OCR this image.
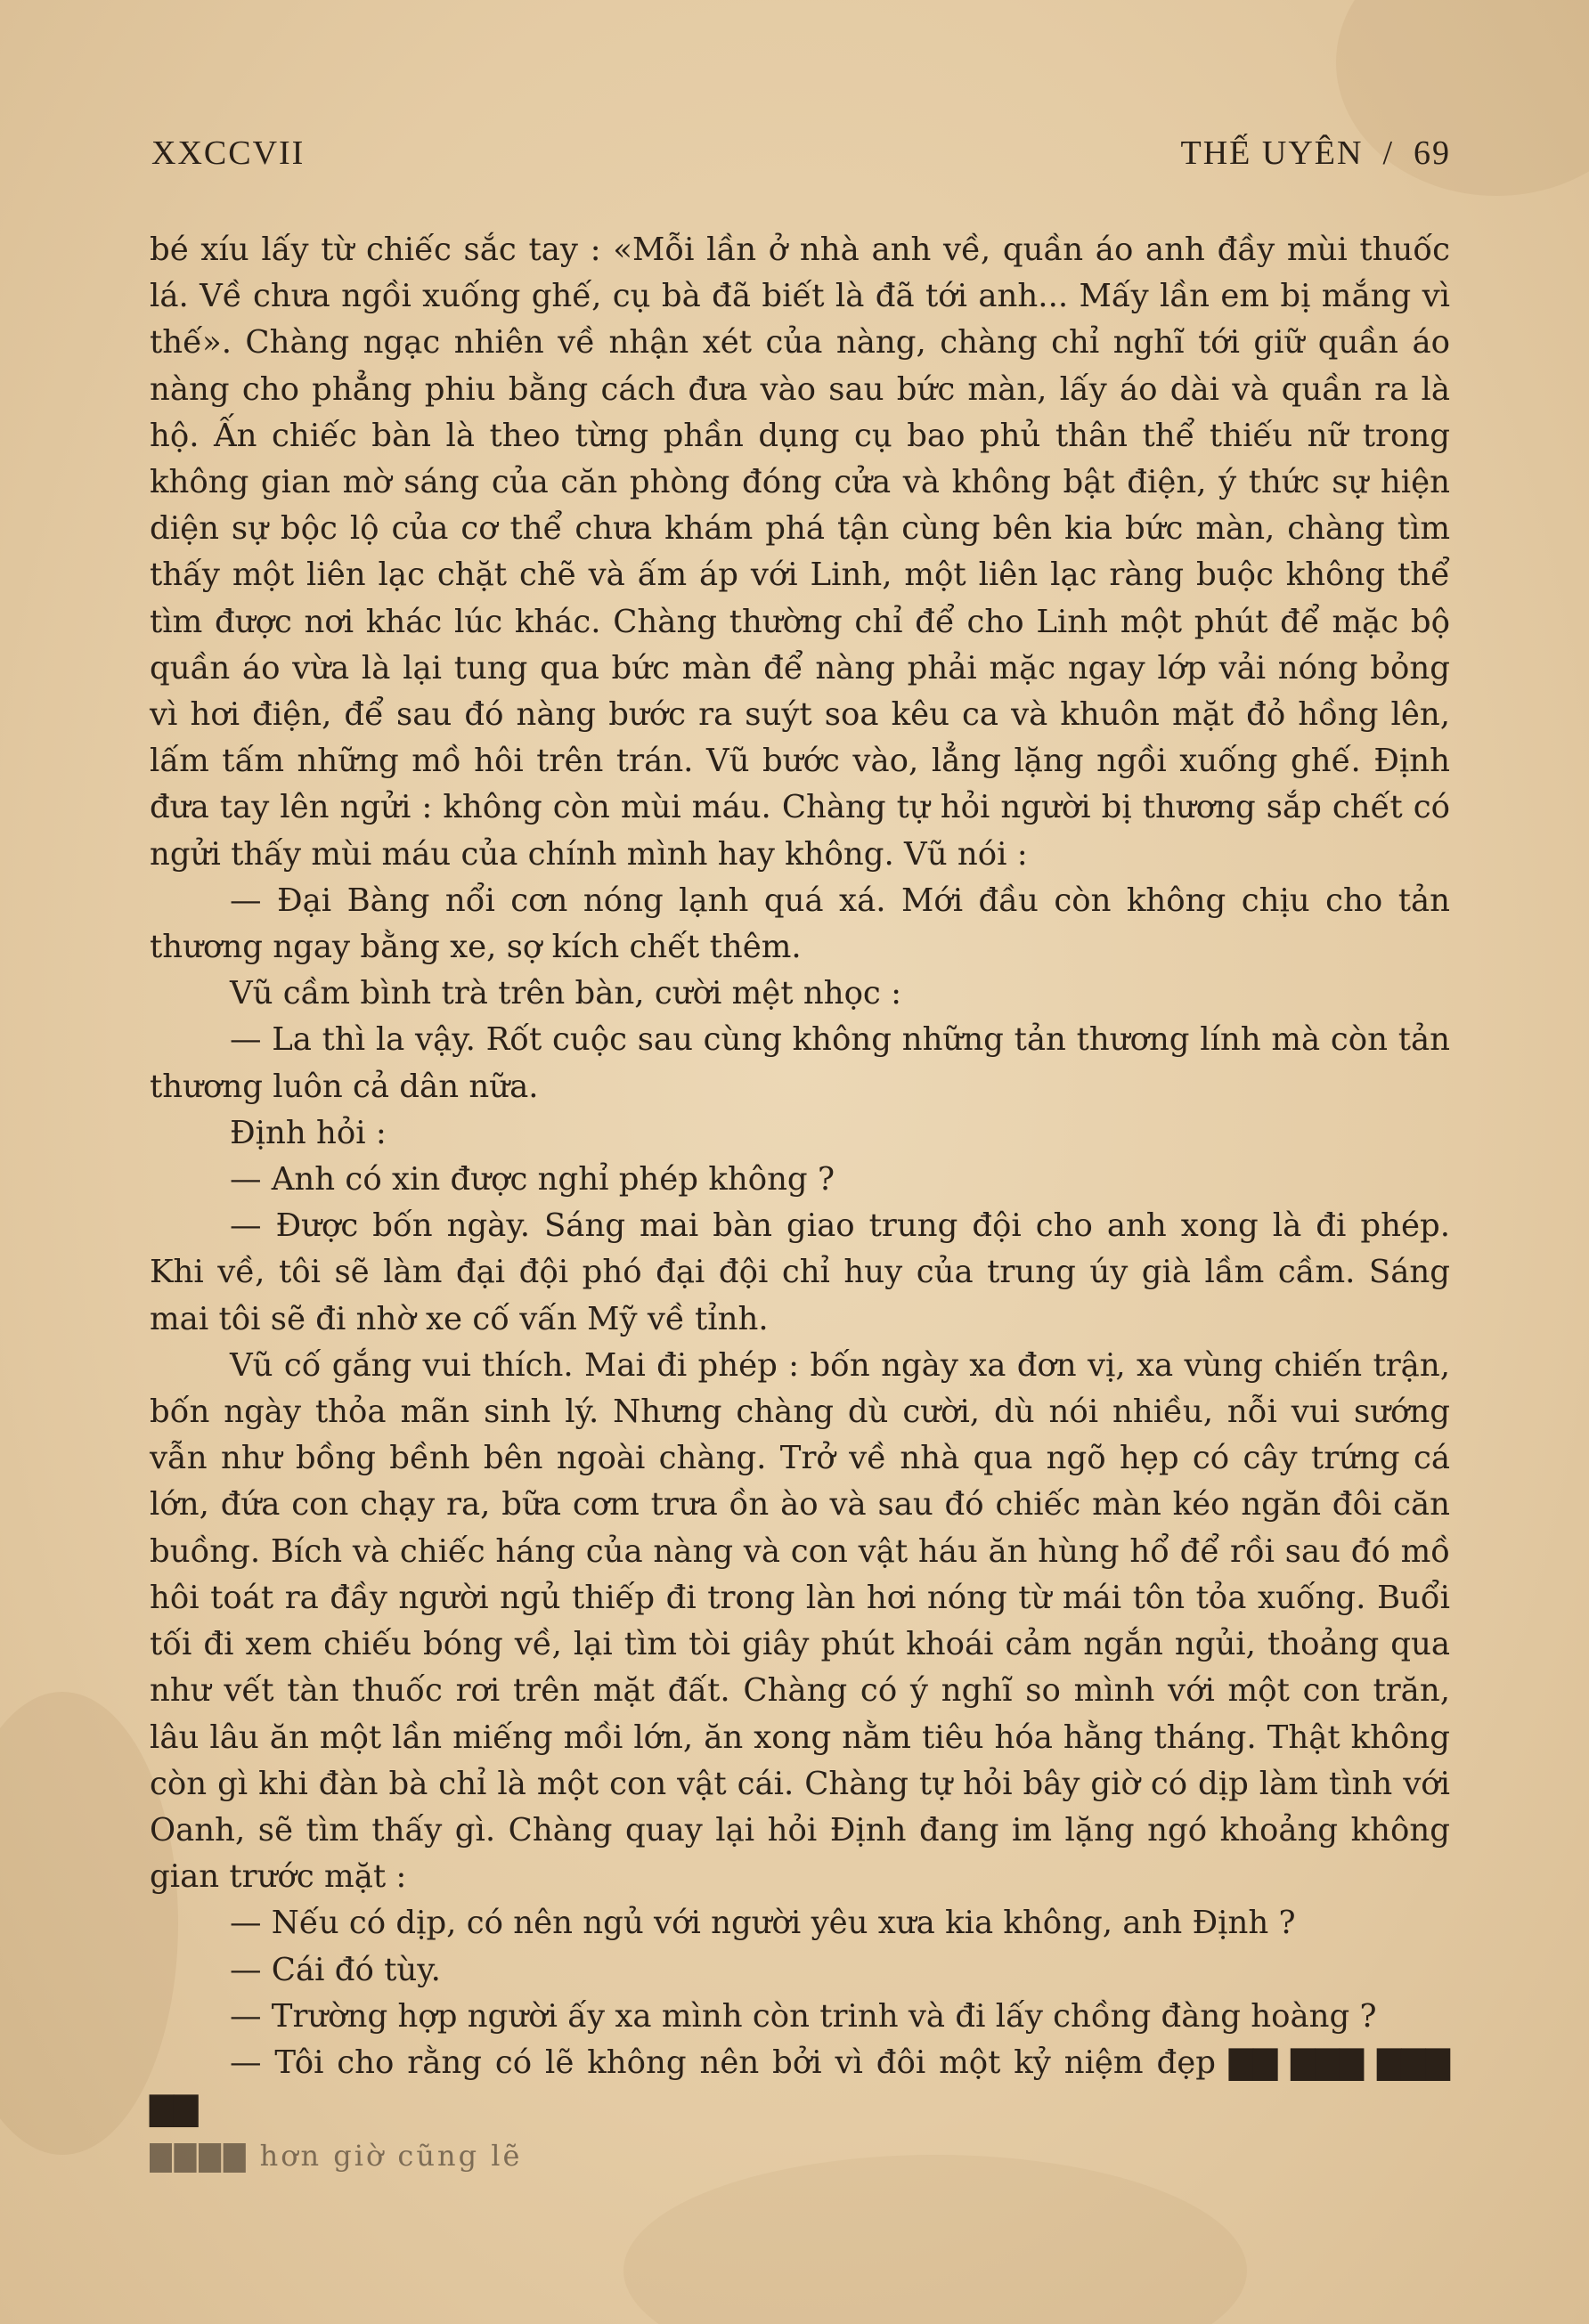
XXCCVII	THẾ UYÊN / 69

bé xíu lấy từ chiếc sắc tay : «Mỗi lần ở nhà anh về, quần áo anh đầy mùi thuốc lá. Về chưa ngồi xuống ghế, cụ bà đã biết là đã tới anh... Mấy lần em bị mắng vì thế». Chàng ngạc nhiên về nhận xét của nàng, chàng chỉ nghĩ tới giữ quần áo nàng cho phẳng phiu bằng cách đưa vào sau bức màn, lấy áo dài và quần ra là hộ. Ấn chiếc bàn là theo từng phần dụng cụ bao phủ thân thể thiếu nữ trong không gian mờ sáng của căn phòng đóng cửa và không bật điện, ý thức sự hiện diện sự bộc lộ của cơ thể chưa khám phá tận cùng bên kia bức màn, chàng tìm thấy một liên lạc chặt chẽ và ấm áp với Linh, một liên lạc ràng buộc không thể tìm được nơi khác lúc khác. Chàng thường chỉ để cho Linh một phút để mặc bộ quần áo vừa là lại tung qua bức màn để nàng phải mặc ngay lớp vải nóng bỏng vì hơi điện, để sau đó nàng bước ra suýt soa kêu ca và khuôn mặt đỏ hồng lên, lấm tấm những mồ hôi trên trán. Vũ bước vào, lẳng lặng ngồi xuống ghế. Định đưa tay lên ngửi : không còn mùi máu. Chàng tự hỏi người bị thương sắp chết có ngửi thấy mùi máu của chính mình hay không. Vũ nói :

— Đại Bàng nổi cơn nóng lạnh quá xá. Mới đầu còn không chịu cho tản thương ngay bằng xe, sợ kích chết thêm.

Vũ cầm bình trà trên bàn, cười mệt nhọc :

— La thì la vậy. Rốt cuộc sau cùng không những tản thương lính mà còn tản thương luôn cả dân nữa.

Định hỏi :

— Anh có xin được nghỉ phép không ?

— Được bốn ngày. Sáng mai bàn giao trung đội cho anh xong là đi phép. Khi về, tôi sẽ làm đại đội phó đại đội chỉ huy của trung úy già lầm cầm. Sáng mai tôi sẽ đi nhờ xe cố vấn Mỹ về tỉnh.

Vũ cố gắng vui thích. Mai đi phép : bốn ngày xa đơn vị, xa vùng chiến trận, bốn ngày thỏa mãn sinh lý. Nhưng chàng dù cười, dù nói nhiều, nỗi vui sướng vẫn như bồng bềnh bên ngoài chàng. Trở về nhà qua ngõ hẹp có cây trứng cá lớn, đứa con chạy ra, bữa cơm trưa ồn ào và sau đó chiếc màn kéo ngăn đôi căn buồng. Bích và chiếc háng của nàng và con vật háu ăn hùng hổ để rồi sau đó mồ hôi toát ra đầy người ngủ thiếp đi trong làn hơi nóng từ mái tôn tỏa xuống. Buổi tối đi xem chiếu bóng về, lại tìm tòi giây phút khoái cảm ngắn ngủi, thoảng qua như vết tàn thuốc rơi trên mặt đất. Chàng có ý nghĩ so mình với một con trăn, lâu lâu ăn một lần miếng mồi lớn, ăn xong nằm tiêu hóa hằng tháng. Thật không còn gì khi đàn bà chỉ là một con vật cái. Chàng tự hỏi bây giờ có dịp làm tình với Oanh, sẽ tìm thấy gì. Chàng quay lại hỏi Định đang im lặng ngó khoảng không gian trước mặt :

— Nếu có dịp, có nên ngủ với người yêu xưa kia không, anh Định ?

— Cái đó tùy.

— Trường hợp người ấy xa mình còn trinh và đi lấy chồng đàng hoàng ?

— Tôi cho rằng có lẽ không nên bởi vì đôi một kỷ niệm đẹp ▇▇ ▇▇▇ ▇▇▇ ▇▇

▇▇▇▇ hơn giờ cũng lẽ
